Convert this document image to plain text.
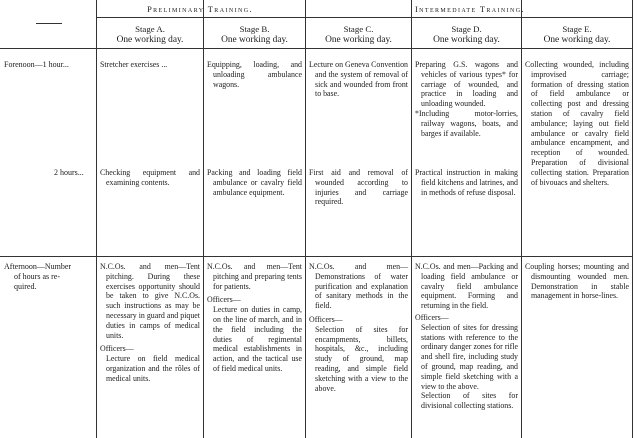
Preliminary Training.	Intermediate Training.
Stage A.
One working day.
Stage B.
One working day.
Stage C.
One working day.
Stage D.
One working day.
Stage E.
One working day.
Forenoon—1 hour...
2 hours...
Afternoon—Number
of hours as re-
quired.

Stretcher exercises ...

Checking equipment and examining contents.

N.C.Os. and men—Tent pitching. During these exercises opportunity should be taken to give N.C.Os. such instructions as may be necessary in guard and piquet duties in camps of medical units.

Officers—

Lecture on field medical organization and the rôles of medical units.

Equipping, loading, and unloading ambulance wagons.

Packing and loading field ambulance or cavalry field ambulance equipment.

N.C.Os. and men—Tent pitching and preparing tents for patients.

Officers—

Lecture on duties in camp, on the line of march, and in the field including the duties of regimental medical establishments in action, and the tactical use of field medical units.

Lecture on Geneva Convention and the system of removal of sick and wounded from front to base.

First aid and removal of wounded according to injuries and carriage required.

N.C.Os. and men—Demonstrations of water purification and explanation of sanitary methods in the field.

Officers—

Selection of sites for encampments, billets, hospitals, &c., including study of ground, map reading, and simple field sketching with a view to the above.

Preparing G.S. wagons and vehicles of various types* for carriage of wounded, and practice in loading and unloading wounded.

*Including motor-lorries, railway wagons, boats, and barges if available.

Practical instruction in making field kitchens and latrines, and in methods of refuse disposal.

N.C.Os. and men—Packing and loading field ambulance or cavalry field ambulance equipment. Forming and returning in the field.

Officers—

Selection of sites for dressing stations with reference to the ordinary danger zones for rifle and shell fire, including study of ground, map reading, and simple field sketching with a view to the above.

Selection of sites for divisional collecting stations.

Collecting wounded, including improvised carriage; formation of dressing station of field ambulance or collecting post and dressing station of cavalry field ambulance; laying out field ambulance or cavalry field ambulance encampment, and reception of wounded. Preparation of divisional collecting station. Preparation of bivouacs and shelters.

Coupling horses; mounting and dismounting wounded men. Demonstration in stable management in horse-lines.
